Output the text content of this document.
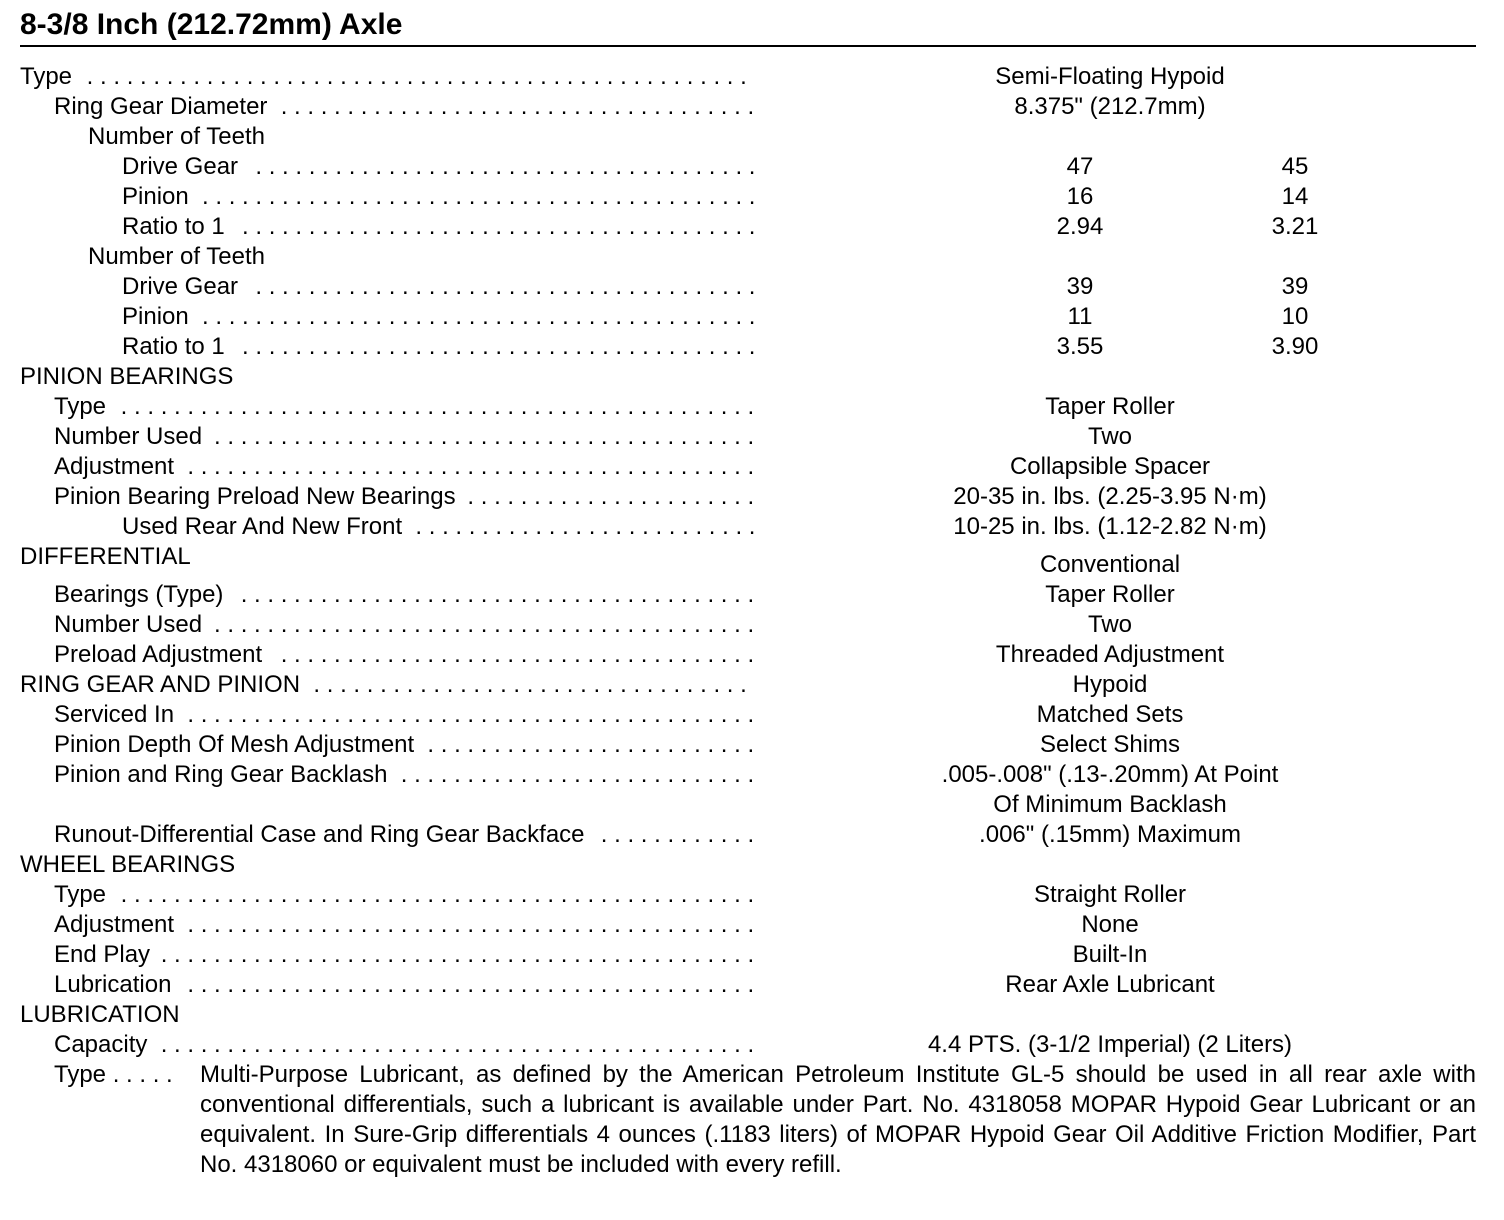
8-3/8 Inch (212.72mm) Axle
Type . . .	Semi-Floating Hypoid
Ring Gear Diameter . . .	8.375" (212.7mm)
Number of Teeth
Drive Gear . . .	47	45
Pinion . . .	16	14
Ratio to 1 . . .	2.94	3.21
Number of Teeth
Drive Gear . . .	39	39
Pinion . . .	11	10
Ratio to 1 . . .	3.55	3.90
PINION BEARINGS
Type . . .	Taper Roller
Number Used . . .	Two
Adjustment . . .	Collapsible Spacer
Pinion Bearing Preload New Bearings . . .	20-35 in. lbs. (2.25-3.95 N·m)
Used Rear And New Front . . .	10-25 in. lbs. (1.12-2.82 N·m)
DIFFERENTIAL	Conventional
Bearings (Type) . . .	Taper Roller
Number Used . . .	Two
Preload Adjustment . . .	Threaded Adjustment
RING GEAR AND PINION . . .	Hypoid
Serviced In . . .	Matched Sets
Pinion Depth Of Mesh Adjustment . . .	Select Shims
Pinion and Ring Gear Backlash . . .	.005-.008" (.13-.20mm) At Point
Of Minimum Backlash
Runout-Differential Case and Ring Gear Backface . . .	.006" (.15mm) Maximum
WHEEL BEARINGS
Type . . .	Straight Roller
Adjustment . . .	None
End Play . . .	Built-In
Lubrication . . .	Rear Axle Lubricant
LUBRICATION
Capacity . . .	4.4 PTS. (3-1/2 Imperial) (2 Liters)
Type . . . . . Multi-Purpose Lubricant, as defined by the American Petroleum Institute GL-5 should be used in all rear axle with conventional differentials, such a lubricant is available under Part. No. 4318058 MOPAR Hypoid Gear Lubricant or an equivalent. In Sure-Grip differentials 4 ounces (.1183 liters) of MOPAR Hypoid Gear Oil Additive Friction Modifier, Part No. 4318060 or equivalent must be included with every refill.
